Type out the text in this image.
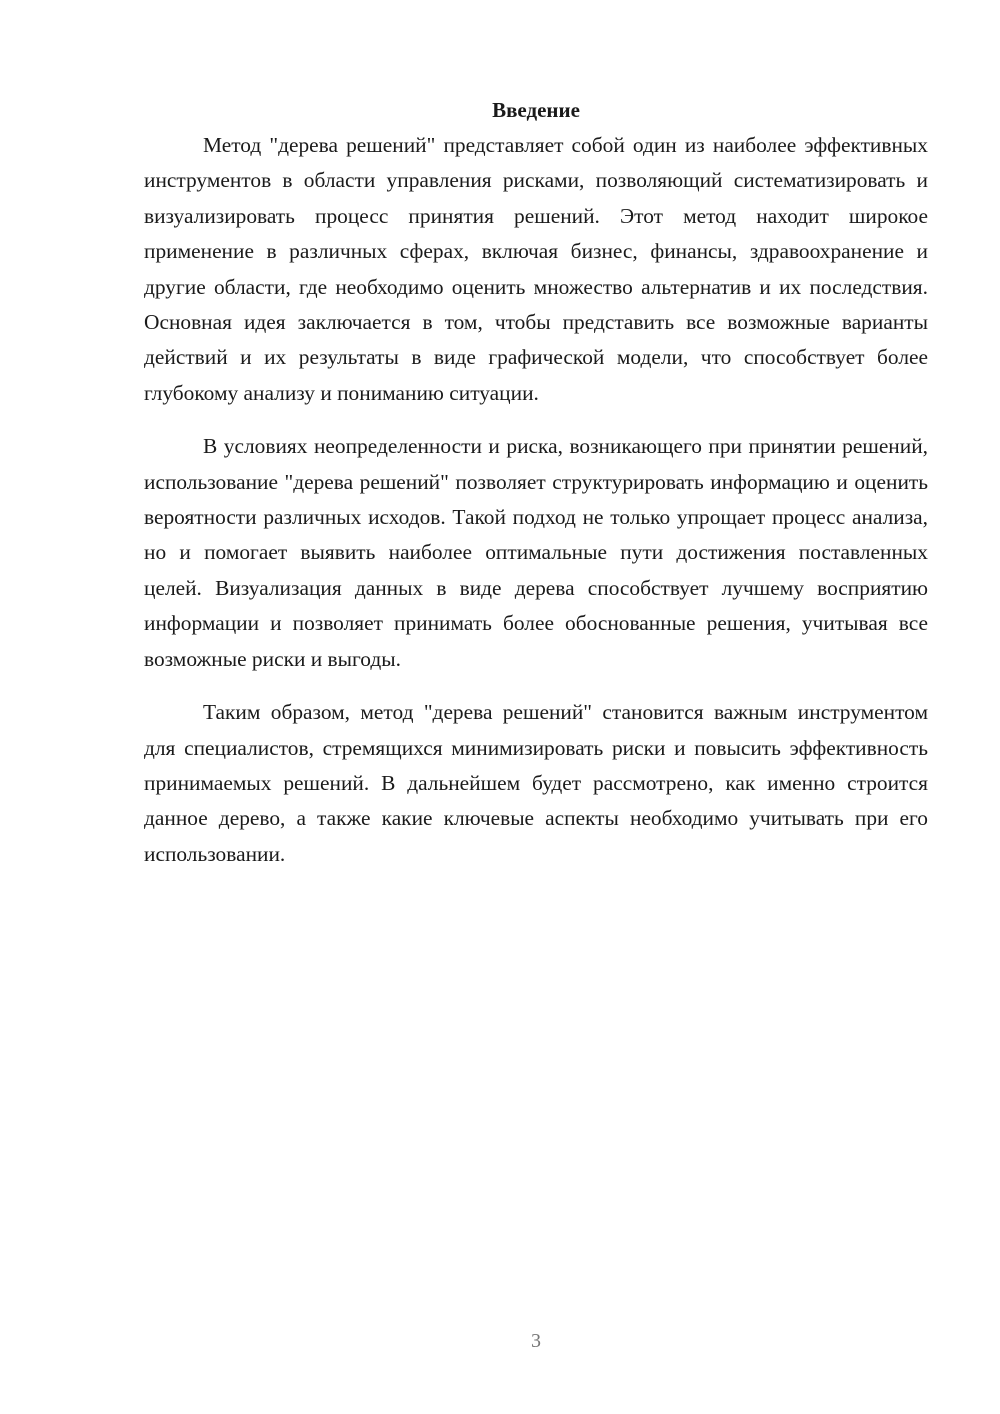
Введение

Метод "дерева решений" представляет собой один из наиболее эффективных инструментов в области управления рисками, позволяющий систематизировать и визуализировать процесс принятия решений. Этот метод находит широкое применение в различных сферах, включая бизнес, финансы, здравоохранение и другие области, где необходимо оценить множество альтернатив и их последствия. Основная идея заключается в том, чтобы представить все возможные варианты действий и их результаты в виде графической модели, что способствует более глубокому анализу и пониманию ситуации.

В условиях неопределенности и риска, возникающего при принятии решений, использование "дерева решений" позволяет структурировать информацию и оценить вероятности различных исходов. Такой подход не только упрощает процесс анализа, но и помогает выявить наиболее оптимальные пути достижения поставленных целей. Визуализация данных в виде дерева способствует лучшему восприятию информации и позволяет принимать более обоснованные решения, учитывая все возможные риски и выгоды.

Таким образом, метод "дерева решений" становится важным инструментом для специалистов, стремящихся минимизировать риски и повысить эффективность принимаемых решений. В дальнейшем будет рассмотрено, как именно строится данное дерево, а также какие ключевые аспекты необходимо учитывать при его использовании.

3
